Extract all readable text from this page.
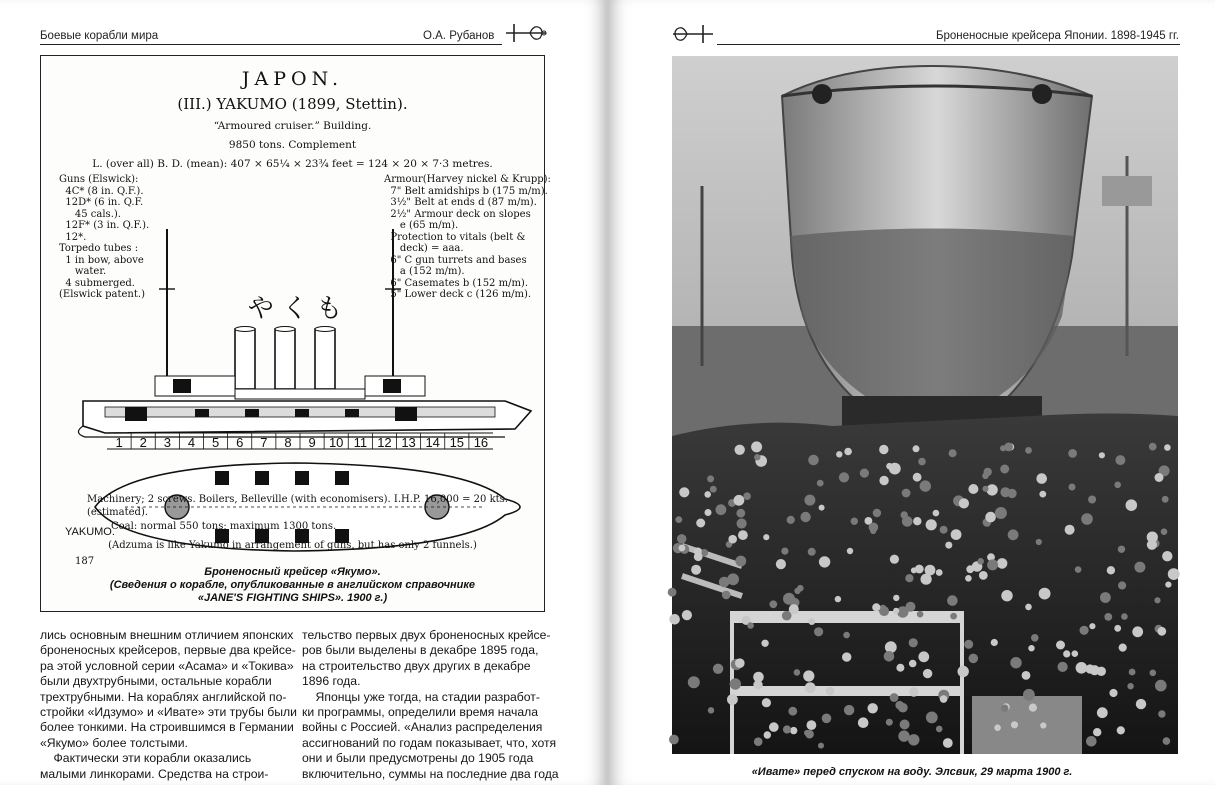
Боевые корабли мира	О.А. Рубанов
JAPON.
(III.) YAKUMO (1899, Stettin).
“Armoured cruiser.” Building.
9850 tons. Complement
L. (over all) B. D. (mean): 407 × 65¼ × 23¾ feet = 124 × 20 × 7·3 metres.
や く も
1 2 3 4 5 6 7 8 9 10 11 12 13 14 15 16
YAKUMO.
Guns (Elswick):
4C* (8 in. Q.F.).
12D* (6 in. Q.F.
45 cals.).
12F* (3 in. Q.F.).
12*.
Torpedo tubes :
1 in bow, above
water.
4 submerged.
(Elswick patent.)
Armour(Harvey nickel & Krupp):
7" Belt amidships b (175 m/m).
3½" Belt at ends d (87 m/m).
2½" Armour deck on slopes
e (65 m/m).
Protection to vitals (belt &
deck) = aaa.
6" C gun turrets and bases
a (152 m/m).
6" Casemates b (152 m/m).
5" Lower deck c (126 m/m).
Machinery; 2 screws. Boilers, Belleville (with economisers). I.H.P. 16,000 = 20 kts.
(estimated).
Coal: normal 550 tons; maximum 1300 tons.
(Adzuma is like Yakumo in arrangement of guns, but has only 2 funnels.)
187
Броненосный крейсер «Якумо».
(Сведения о корабле, опубликованные в английском справочнике
«JANE'S FIGHTING SHIPS». 1900 г.)
лись основным внешним отличием японских
броненосных крейсеров, первые два крейсе-
ра этой условной серии «Асама» и «Токива»
были двухтрубными, остальные корабли
трехтрубными. На кораблях английской по-
стройки «Идзумо» и «Ивате» эти трубы были
более тонкими. На строившимся в Германии
«Якумо» более толстыми.
Фактически эти корабли оказались
малыми линкорами. Средства на строи-
тельство первых двух броненосных крейсе-
ров были выделены в декабре 1895 года,
на строительство двух других в декабре
1896 года.
Японцы уже тогда, на стадии разработ-
ки программы, определили время начала
войны с Россией. «Анализ распределения
ассигнований по годам показывает, что, хотя
они и были предусмотрены до 1905 года
включительно, суммы на последние два года
Броненосные крейсера Японии. 1898-1945 гг.
«Ивате» перед спуском на воду. Элсвик, 29 марта 1900 г.
